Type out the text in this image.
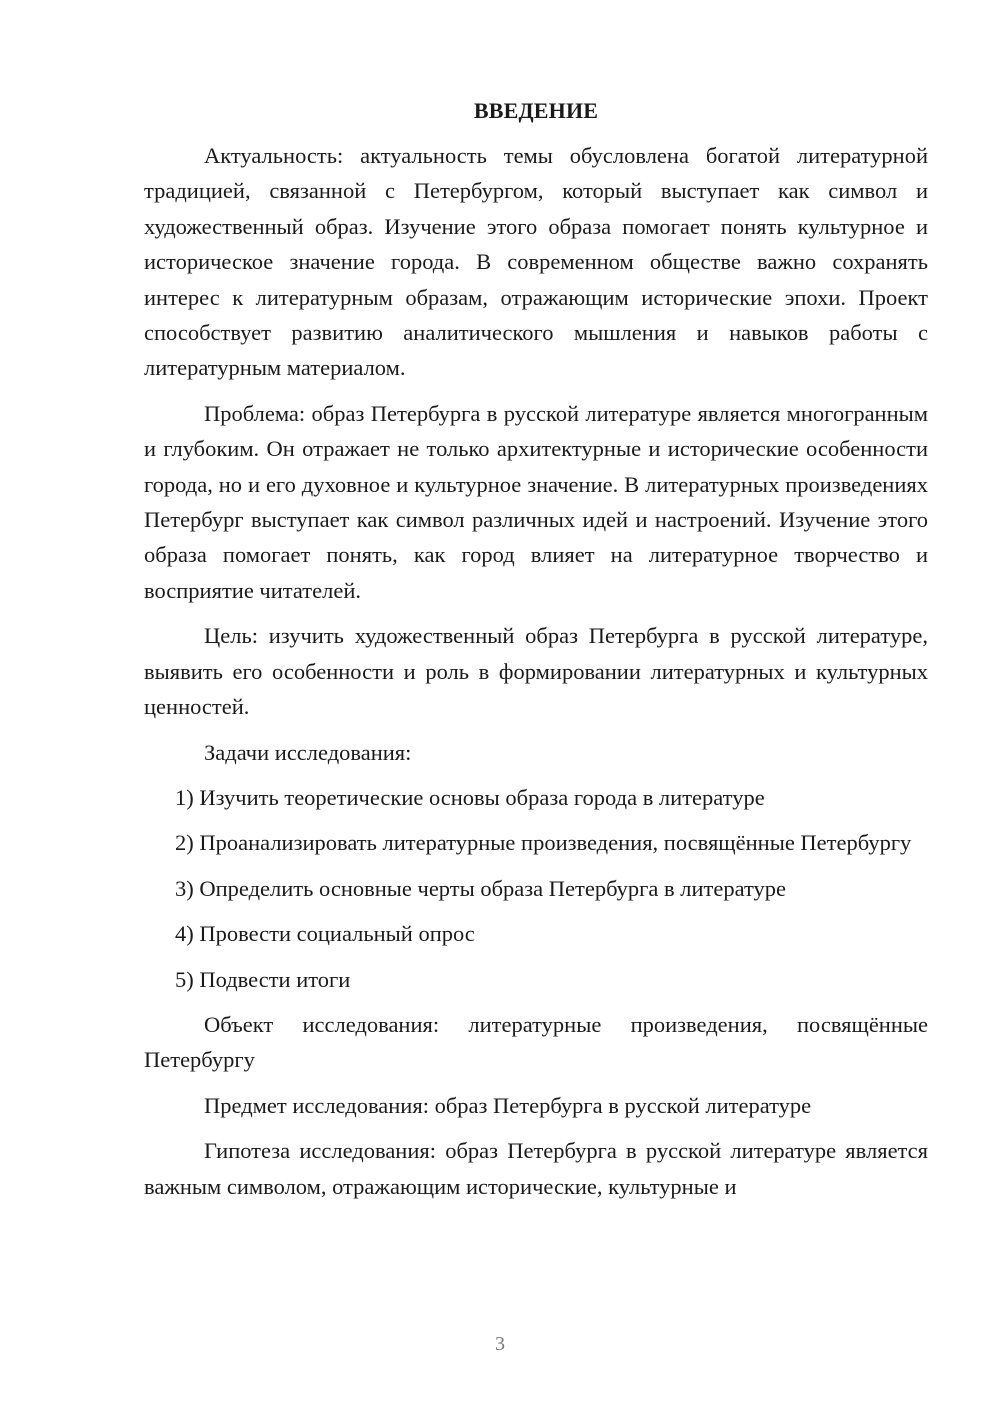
ВВЕДЕНИЕ

Актуальность: актуальность темы обусловлена богатой литературной традицией, связанной с Петербургом, который выступает как символ и художественный образ. Изучение этого образа помогает понять культурное и историческое значение города. В современном обществе важно сохранять интерес к литературным образам, отражающим исторические эпохи. Проект способствует развитию аналитического мышления и навыков работы с литературным материалом.

Проблема: образ Петербурга в русской литературе является многогранным и глубоким. Он отражает не только архитектурные и исторические особенности города, но и его духовное и культурное значение. В литературных произведениях Петербург выступает как символ различных идей и настроений. Изучение этого образа помогает понять, как город влияет на литературное творчество и восприятие читателей.

Цель: изучить художественный образ Петербурга в русской литературе, выявить его особенности и роль в формировании литературных и культурных ценностей.

Задачи исследования:

1) Изучить теоретические основы образа города в литературе

2) Проанализировать литературные произведения, посвящённые Петербургу

3) Определить основные черты образа Петербурга в литературе

4) Провести социальный опрос

5) Подвести итоги

Объект исследования: литературные произведения, посвящённые Петербургу

Предмет исследования: образ Петербурга в русской литературе

Гипотеза исследования: образ Петербурга в русской литературе является важным символом, отражающим исторические, культурные и

3
